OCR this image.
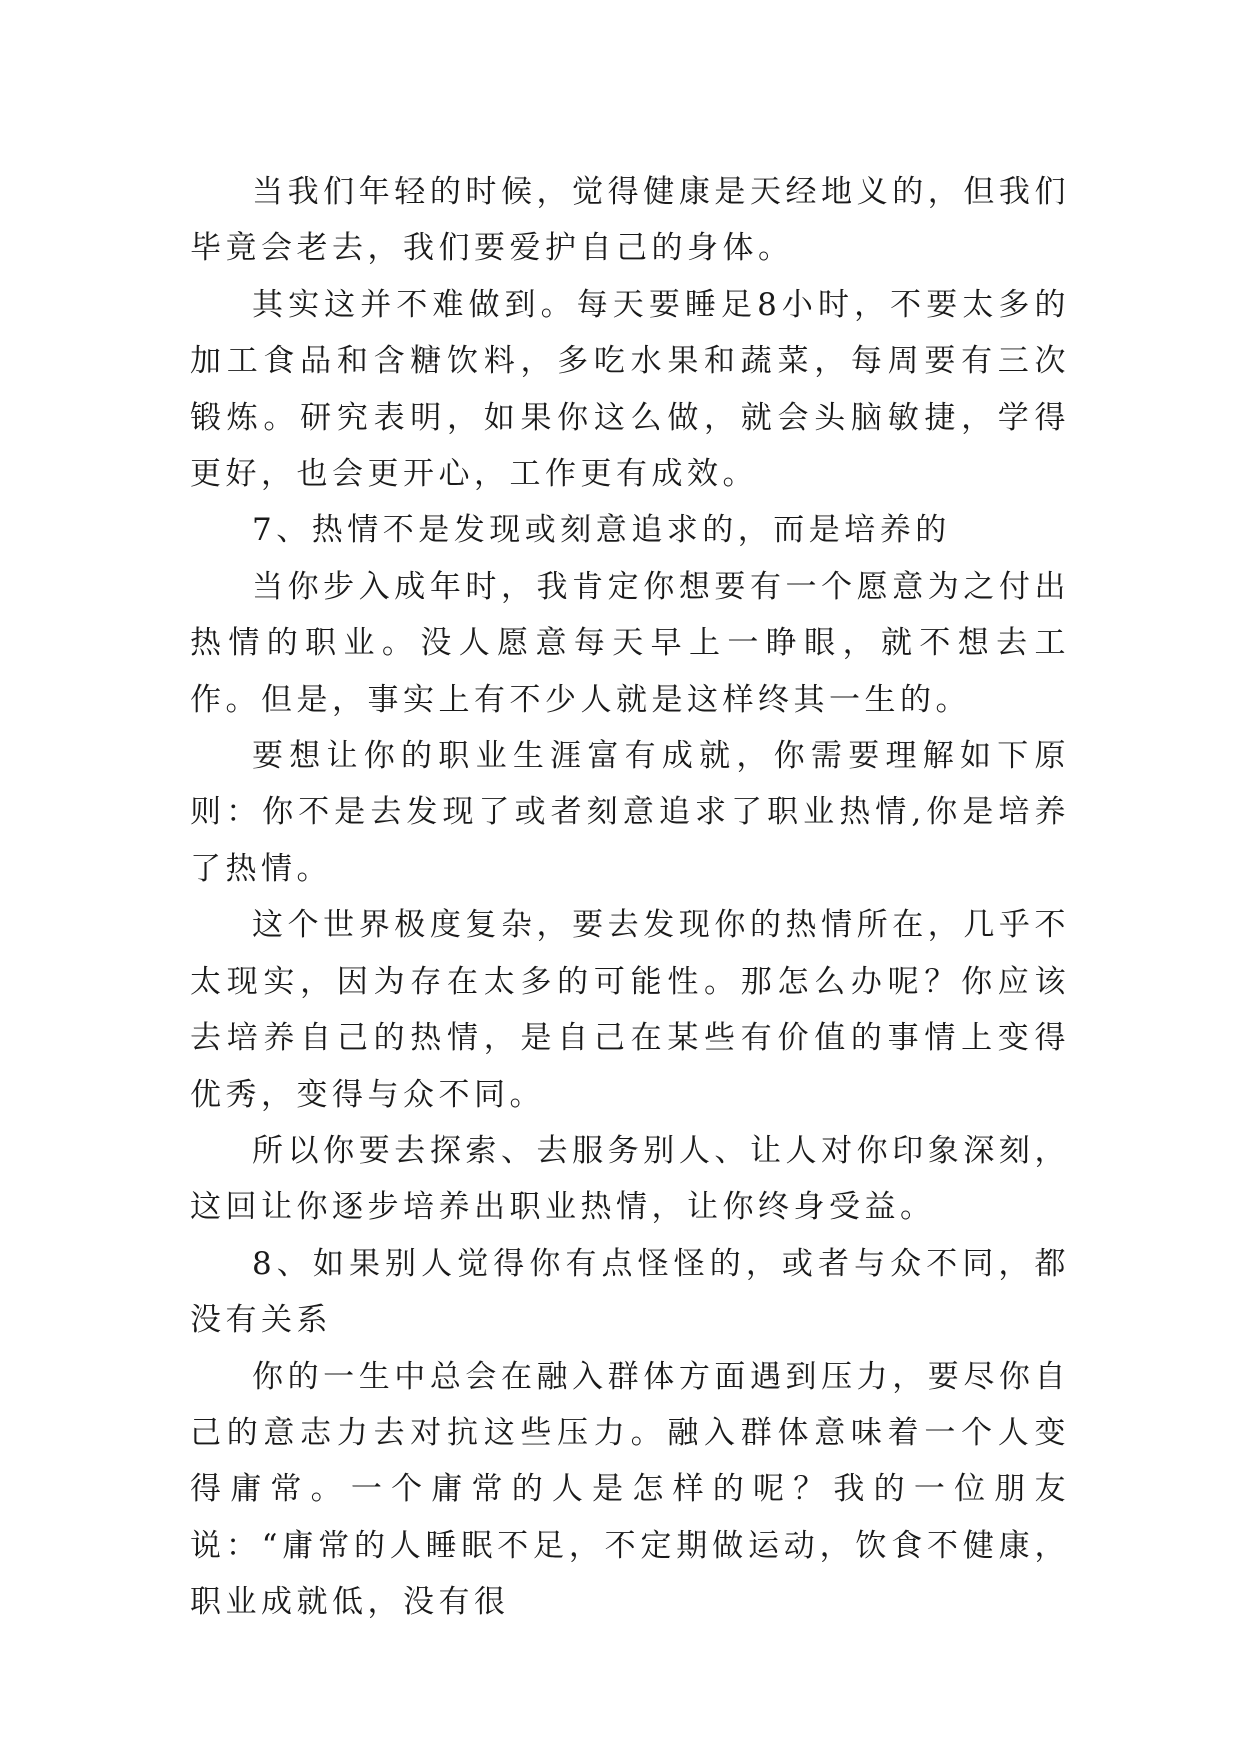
当我们年轻的时候，觉得健康是天经地义的，但我们毕竟会老去，我们要爱护自己的身体。

其实这并不难做到。每天要睡足8小时，不要太多的加工食品和含糖饮料，多吃水果和蔬菜，每周要有三次锻炼。研究表明，如果你这么做，就会头脑敏捷，学得更好，也会更开心，工作更有成效。

7、热情不是发现或刻意追求的，而是培养的

当你步入成年时，我肯定你想要有一个愿意为之付出热情的职业。没人愿意每天早上一睁眼，就不想去工作。但是，事实上有不少人就是这样终其一生的。

要想让你的职业生涯富有成就，你需要理解如下原则：你不是去发现了或者刻意追求了职业热情,你是培养了热情。

这个世界极度复杂，要去发现你的热情所在，几乎不太现实，因为存在太多的可能性。那怎么办呢？你应该去培养自己的热情，是自己在某些有价值的事情上变得优秀，变得与众不同。

所以你要去探索、去服务别人、让人对你印象深刻，这回让你逐步培养出职业热情，让你终身受益。

8、如果别人觉得你有点怪怪的，或者与众不同，都没有关系

你的一生中总会在融入群体方面遇到压力，要尽你自己的意志力去对抗这些压力。融入群体意味着一个人变得庸常。一个庸常的人是怎样的呢？我的一位朋友说：“庸常的人睡眠不足，不定期做运动，饮食不健康，职业成就低，没有很
